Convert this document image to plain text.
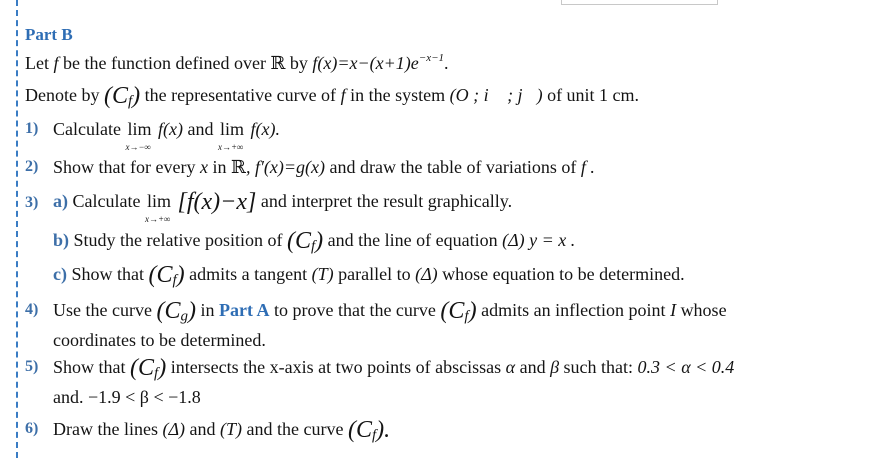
Part B
Let f be the function defined over ℝ by $f(x)=x-(x+1)e^{-x-1}$.
Denote by $(C_f)$ the representative curve of f in the system (O ; i⃗ ; j⃗) of unit 1 cm.
1) Calculate lim
x→−∞
f(x) and lim
x→+∞
f(x).
2) Show that for every x in ℝ, f′(x)=g(x) and draw the table of variations of f .
3) a) Calculate lim
x→+∞
[f(x)−x] and interpret the result graphically.
b) Study the relative position of $(C_f)$ and the line of equation (Δ) y = x .
c) Show that $(C_f)$ admits a tangent (T) parallel to (Δ) whose equation to be determined.
4) Use the curve $(C_g)$ in Part A to prove that the curve $(C_f)$ admits an inflection point I whose
coordinates to be determined.
5) Show that $(C_f)$ intersects the x-axis at two points of abscissas α and β such that: 0.3 < α < 0.4
and. −1.9 < β < −1.8
6) Draw the lines (Δ) and (T) and the curve $(C_f)$.
